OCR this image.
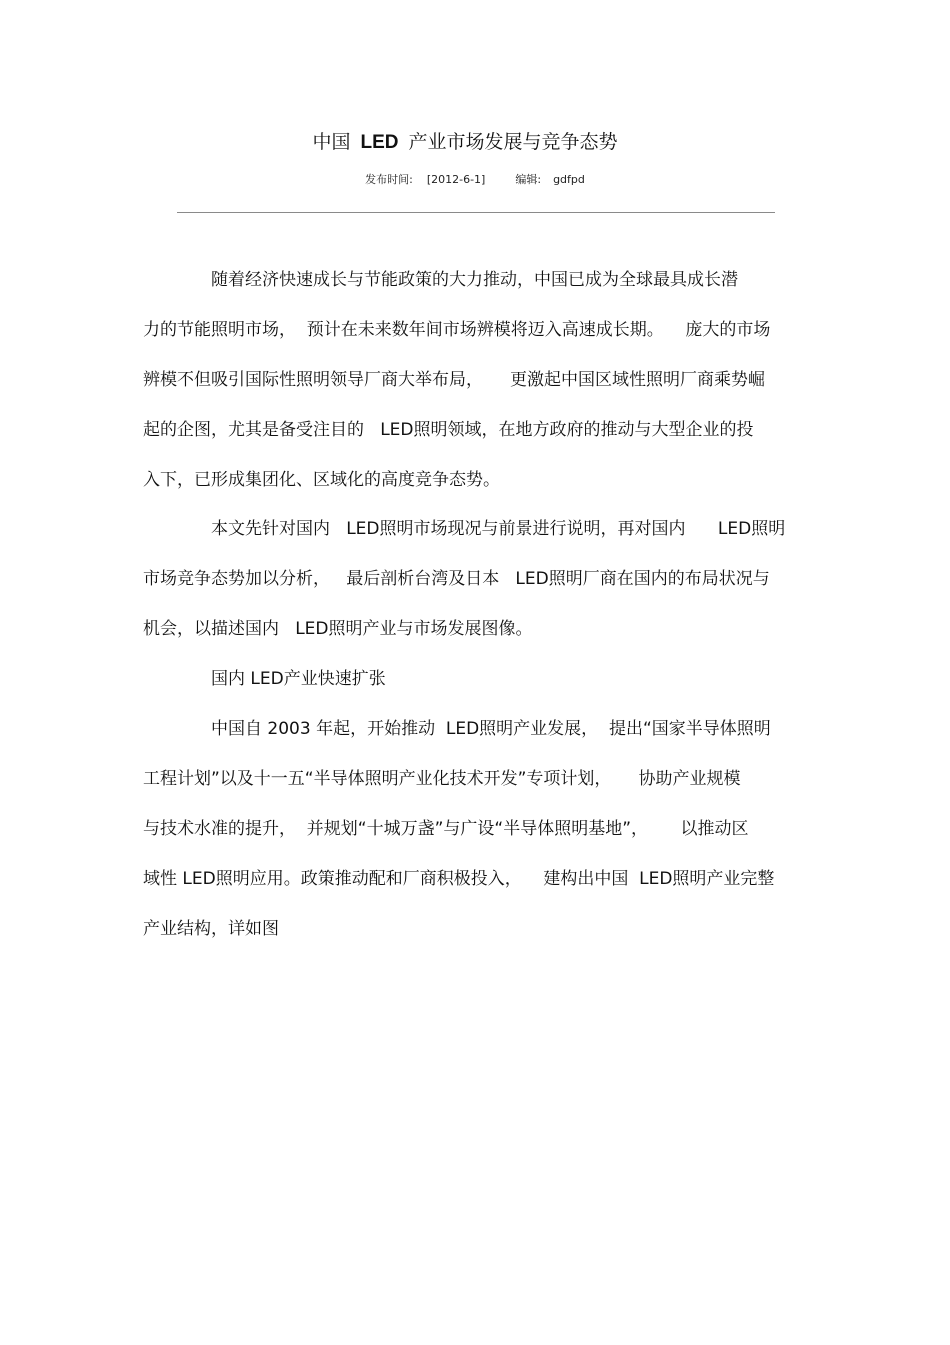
中国 LED 产业市场发展与竞争态势
发布时间: [2012-6-1]	编辑: gdfpd
随着经济快速成长与节能政策的大力推动，中国已成为全球最具成长潜
力的节能照明市场，  预计在未来数年间市场辨模将迈入高速成长期。    庞大的市场
辨模不但吸引国际性照明领导厂商大举布局，     更激起中国区域性照明厂商乘势崛
起的企图，尤其是备受注目的   LED照明领域，在地方政府的推动与大型企业的投
入下，已形成集团化、区域化的高度竞争态势。
本文先针对国内   LED照明市场现况与前景进行说明，再对国内      LED照明
市场竞争态势加以分析，   最后剖析台湾及日本   LED照明厂商在国内的布局状况与
机会，以描述国内   LED照明产业与市场发展图像。
国内 LED产业快速扩张
中国自 2003 年起，开始推动  LED照明产业发展，  提出“国家半导体照明
工程计划”以及十一五“半导体照明产业化技术开发”专项计划，     协助产业规模
与技术水准的提升，  并规划“十城万盏”与广设“半导体照明基地”，      以推动区
域性 LED照明应用。政策推动配和厂商积极投入，    建构出中国  LED照明产业完整
产业结构，详如图
